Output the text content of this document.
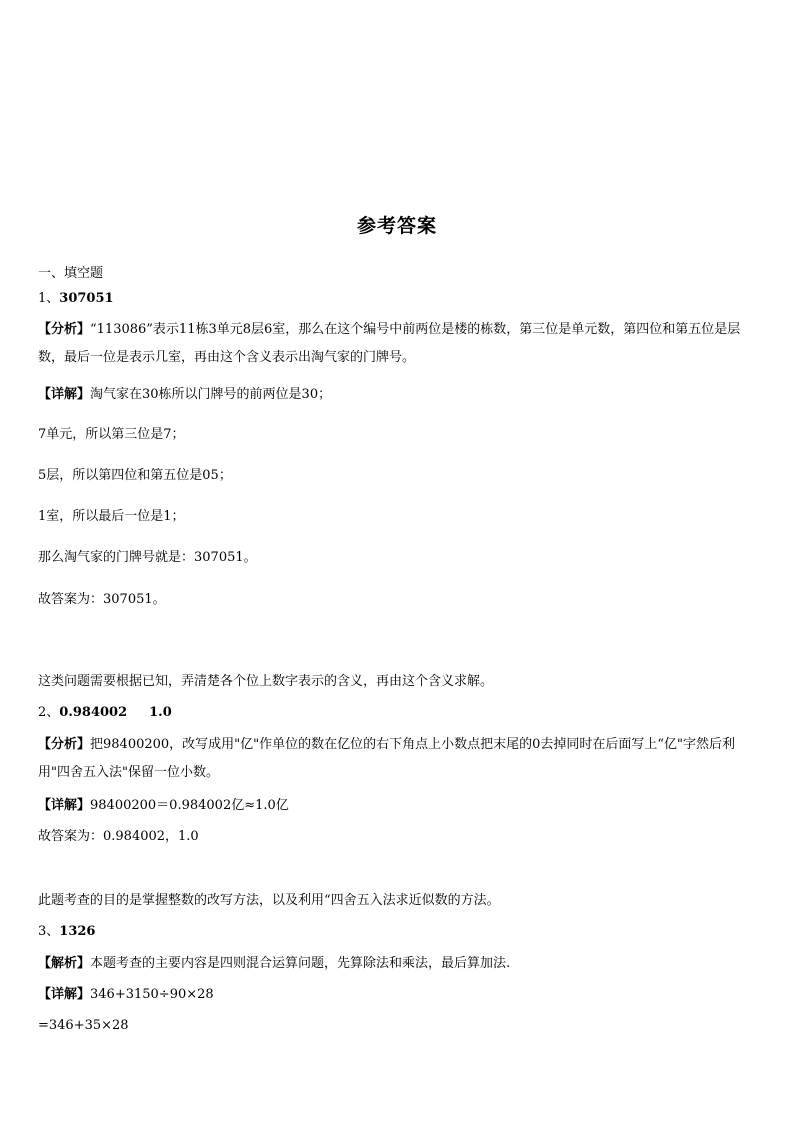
参考答案
一、填空题
1、307051
【分析】“113086”表示11栋3单元8层6室，那么在这个编号中前两位是楼的栋数，第三位是单元数，第四位和第五位是层数，最后一位是表示几室，再由这个含义表示出淘气家的门牌号。
【详解】淘气家在30栋所以门牌号的前两位是30；
7单元，所以第三位是7；
5层，所以第四位和第五位是05；
1室，所以最后一位是1；
那么淘气家的门牌号就是：307051。
故答案为：307051。
这类问题需要根据已知，弄清楚各个位上数字表示的含义，再由这个含义求解。
2、0.984002 1.0
【分析】把98400200，改写成用"亿"作单位的数在亿位的右下角点上小数点把末尾的0去掉同时在后面写上“亿"字然后利用"四舍五入法"保留一位小数。
【详解】98400200＝0.984002亿≈1.0亿
故答案为：0.984002，1.0
此题考查的目的是掌握整数的改写方法，以及利用“四舍五入法求近似数的方法。
3、1326
【解析】本题考查的主要内容是四则混合运算问题，先算除法和乘法，最后算加法.
【详解】346+3150÷90×28
=346+35×28
